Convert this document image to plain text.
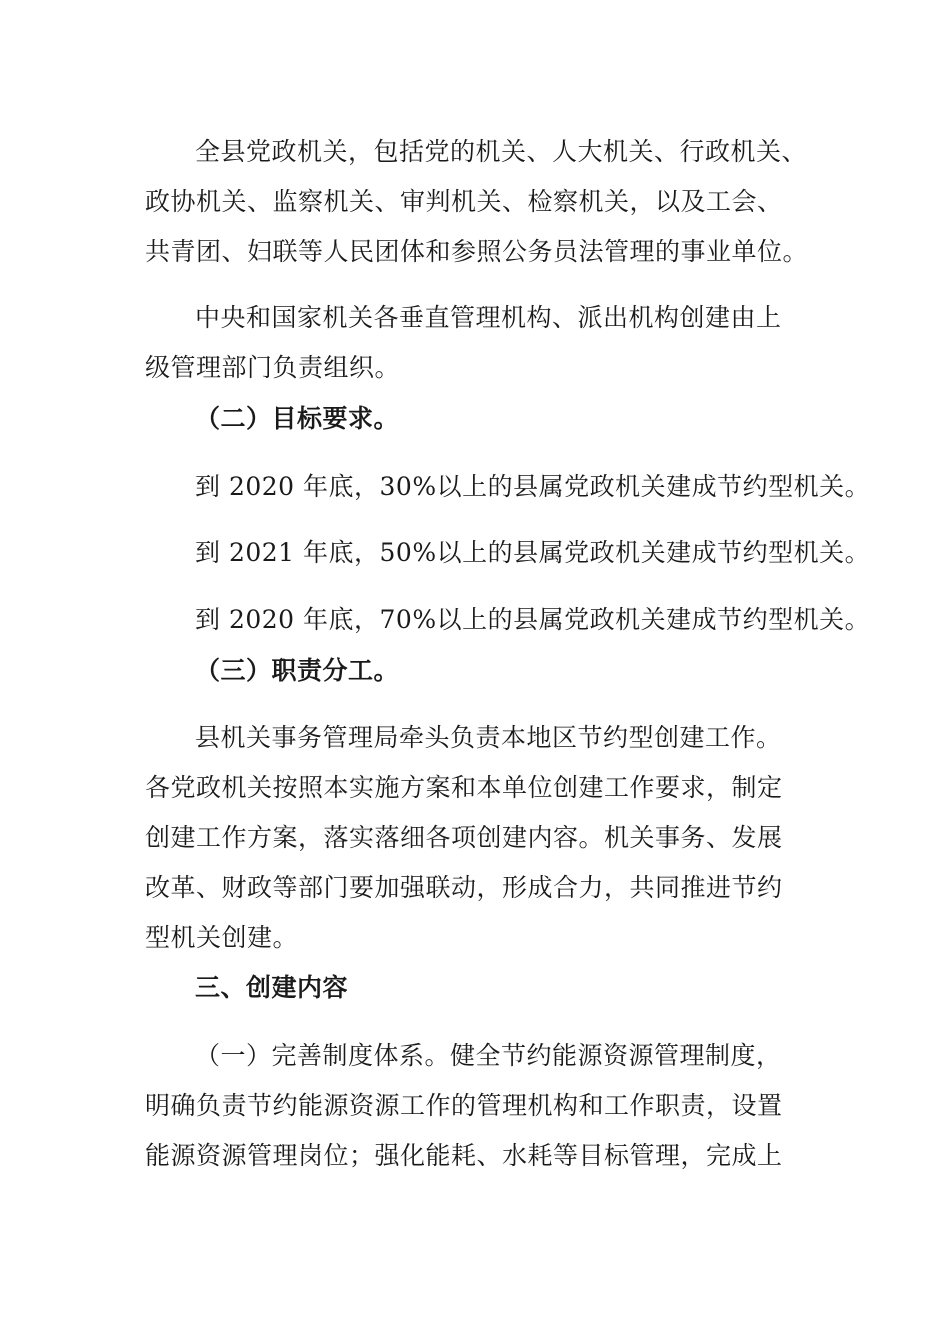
全县党政机关，包括党的机关、人大机关、行政机关、
政协机关、监察机关、审判机关、检察机关，以及工会、
共青团、妇联等人民团体和参照公务员法管理的事业单位。
中央和国家机关各垂直管理机构、派出机构创建由上
级管理部门负责组织。
（二）目标要求。
到 2020 年底，30%以上的县属党政机关建成节约型机关。
到 2021 年底，50%以上的县属党政机关建成节约型机关。
到 2020 年底，70%以上的县属党政机关建成节约型机关。
（三）职责分工。
县机关事务管理局牵头负责本地区节约型创建工作。
各党政机关按照本实施方案和本单位创建工作要求，制定
创建工作方案，落实落细各项创建内容。机关事务、发展
改革、财政等部门要加强联动，形成合力，共同推进节约
型机关创建。
三、创建内容
（一）完善制度体系。健全节约能源资源管理制度，
明确负责节约能源资源工作的管理机构和工作职责，设置
能源资源管理岗位；强化能耗、水耗等目标管理，完成上
